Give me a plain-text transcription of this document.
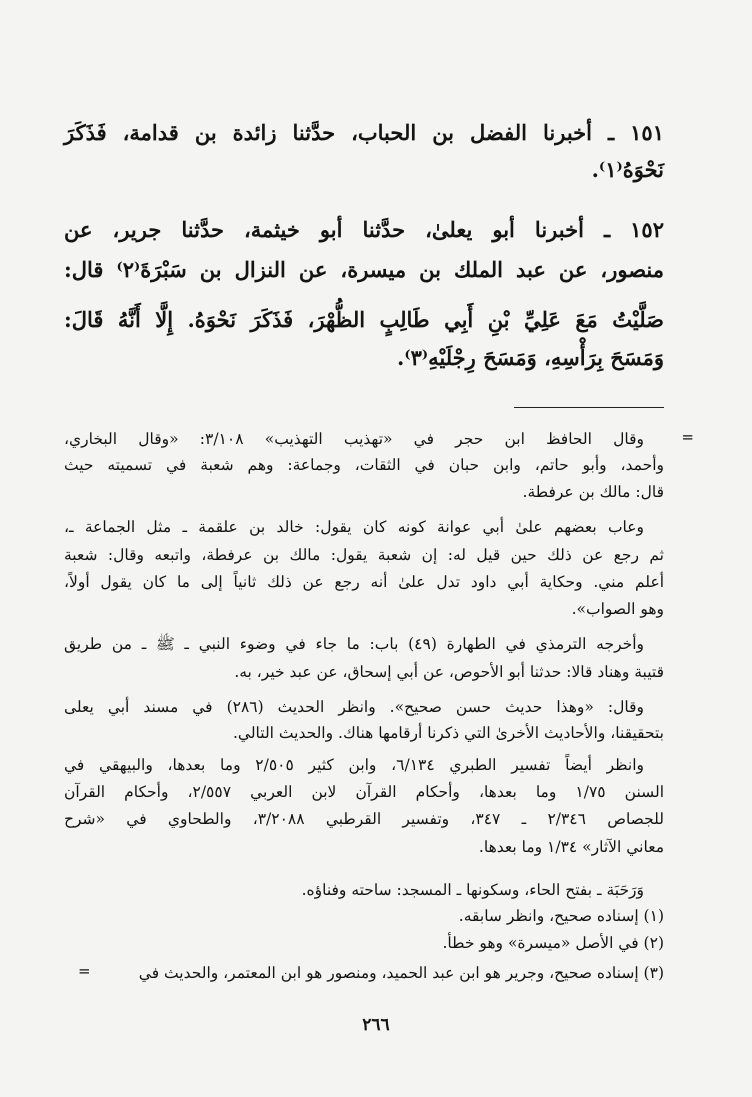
١٥١ ـ أخبرنا الفضل بن الحباب، حدَّثنا زائدة بن قدامة، فَذَكَرَ

نَحْوَهُ⁽١⁾.

١٥٢ ـ أخبرنا أبو يعلىٰ، حدَّثنا أبو خيثمة، حدَّثنا جرير، عن

منصور، عن عبد الملك بن ميسرة، عن النزال بن سَبْرَةَ⁽٢⁾ قال:

صَلَّيْتُ مَعَ عَلِيِّ بْنِ أَبِي طَالِبٍ الظُّهْرَ، فَذَكَرَ نَحْوَهُ. إِلَّا أَنَّهُ قَالَ:

وَمَسَحَ بِرَأْسِهِ، وَمَسَحَ رِجْلَيْهِ⁽٣⁾.

=

وقال الحافظ ابن حجر في «تهذيب التهذيب» ٣/١٠٨: «وقال البخاري،

وأحمد، وأبو حاتم، وابن حبان في الثقات، وجماعة: وهم شعبة في تسميته حيث

قال: مالك بن عرفطة.

وعاب بعضهم علىٰ أبي عوانة كونه كان يقول: خالد بن علقمة ـ مثل الجماعة ـ،

ثم رجع عن ذلك حين قيل له: إن شعبة يقول: مالك بن عرفطة، واتبعه وقال: شعبة

أعلم مني. وحكاية أبي داود تدل علىٰ أنه رجع عن ذلك ثانياً إلى ما كان يقول أولاً،

وهو الصواب».

وأخرجه الترمذي في الطهارة (٤٩) باب: ما جاء في وضوء النبي ـ ﷺ ـ من طريق

قتيبة وهناد قالا: حدثنا أبو الأحوص، عن أبي إسحاق، عن عبد خير، به.

وقال: «وهذا حديث حسن صحيح». وانظر الحديث (٢٨٦) في مسند أبي يعلى

بتحقيقنا، والأحاديث الأخرىٰ التي ذكرنا أرقامها هناك. والحديث التالي.

وانظر أيضاً تفسير الطبري ٦/١٣٤، وابن كثير ٢/٥٠٥ وما بعدها، والبيهقي في

السنن ١/٧٥ وما بعدها، وأحكام القرآن لابن العربي ٢/٥٥٧، وأحكام القرآن

للجصاص ٢/٣٤٦ ـ ٣٤٧، وتفسير القرطبي ٣/٢٠٨٨، والطحاوي في «شرح

معاني الآثار» ١/٣٤ وما بعدها.

وَرَحَبَة ـ بفتح الحاء، وسكونها ـ المسجد: ساحته وفناؤه.

(١) إسناده صحيح، وانظر سابقه.

(٢) في الأصل «ميسرة» وهو خطأ.

(٣) إسناده صحيح، وجرير هو ابن عبد الحميد، ومنصور هو ابن المعتمر، والحديث في

=
٢٦٦
